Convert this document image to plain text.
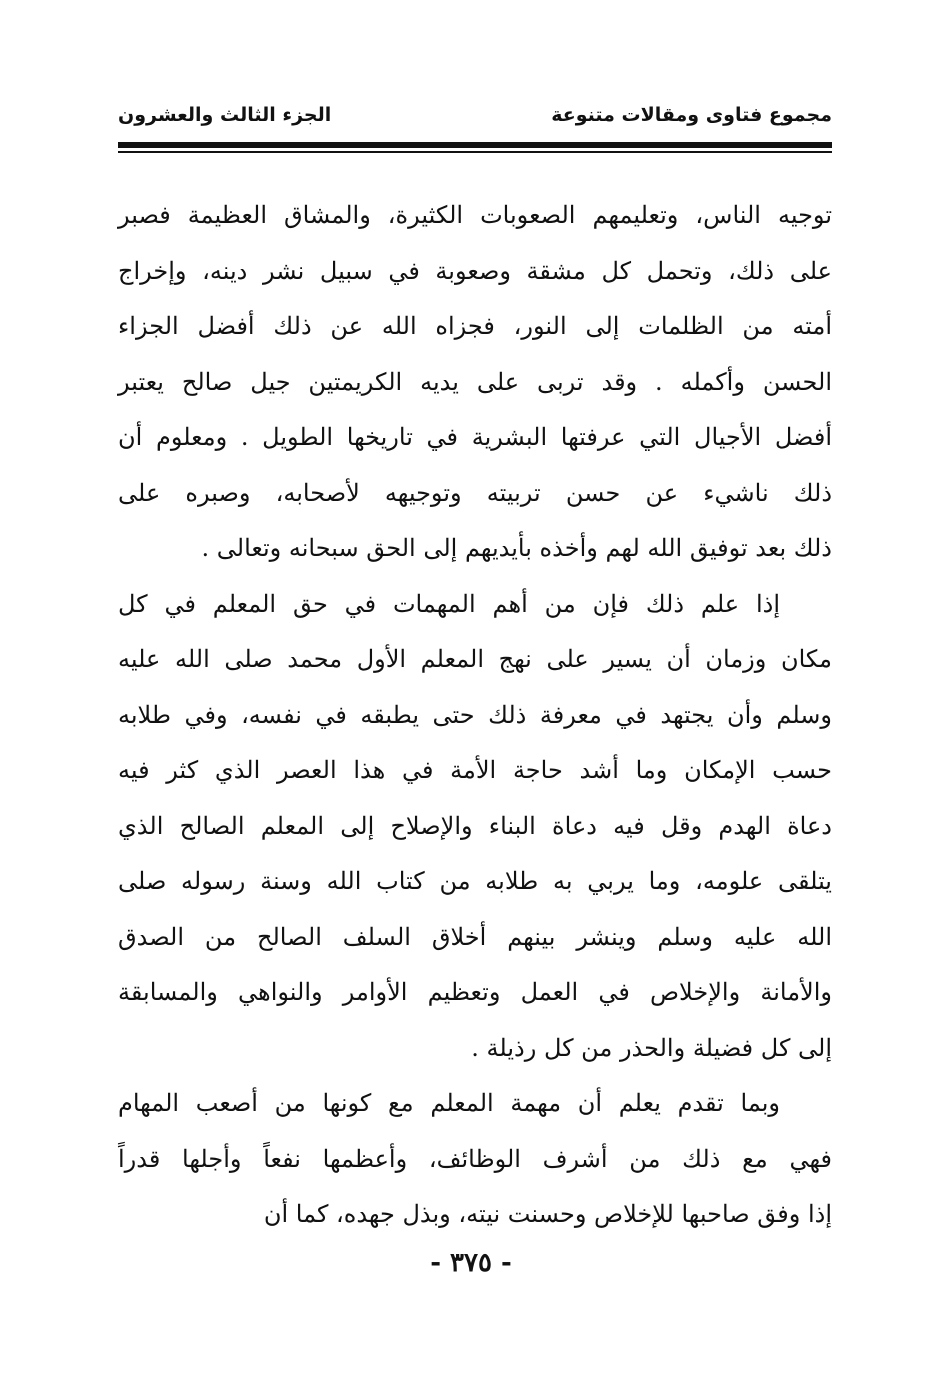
مجموع فتاوى ومقالات متنوعة
الجزء الثالث والعشرون
توجيه الناس، وتعليمهم الصعوبات الكثيرة، والمشاق العظيمة فصبر
على ذلك، وتحمل كل مشقة وصعوبة في سبيل نشر دينه، وإخراج
أمته من الظلمات إلى النور، فجزاه الله عن ذلك أفضل الجزاء
الحسن وأكمله . وقد تربى على يديه الكريمتين جيل صالح يعتبر
أفضل الأجيال التي عرفتها البشرية في تاريخها الطويل . ومعلوم أن
ذلك ناشيء عن حسن تربيته وتوجيهه لأصحابه، وصبره على
ذلك بعد توفيق الله لهم وأخذه بأيديهم إلى الحق سبحانه وتعالى .
إذا علم ذلك فإن من أهم المهمات في حق المعلم في كل
مكان وزمان أن يسير على نهج المعلم الأول محمد صلى الله عليه
وسلم وأن يجتهد في معرفة ذلك حتى يطبقه في نفسه، وفي طلابه
حسب الإمكان وما أشد حاجة الأمة في هذا العصر الذي كثر فيه
دعاة الهدم وقل فيه دعاة البناء والإصلاح إلى المعلم الصالح الذي
يتلقى علومه، وما يربي به طلابه من كتاب الله وسنة رسوله صلى
الله عليه وسلم وينشر بينهم أخلاق السلف الصالح من الصدق
والأمانة والإخلاص في العمل وتعظيم الأوامر والنواهي والمسابقة
إلى كل فضيلة والحذر من كل رذيلة .
وبما تقدم يعلم أن مهمة المعلم مع كونها من أصعب المهام
فهي مع ذلك من أشرف الوظائف، وأعظمها نفعاً وأجلها قدراً
إذا وفق صاحبها للإخلاص وحسنت نيته، وبذل جهده، كما أن
- ٣٧٥ -
